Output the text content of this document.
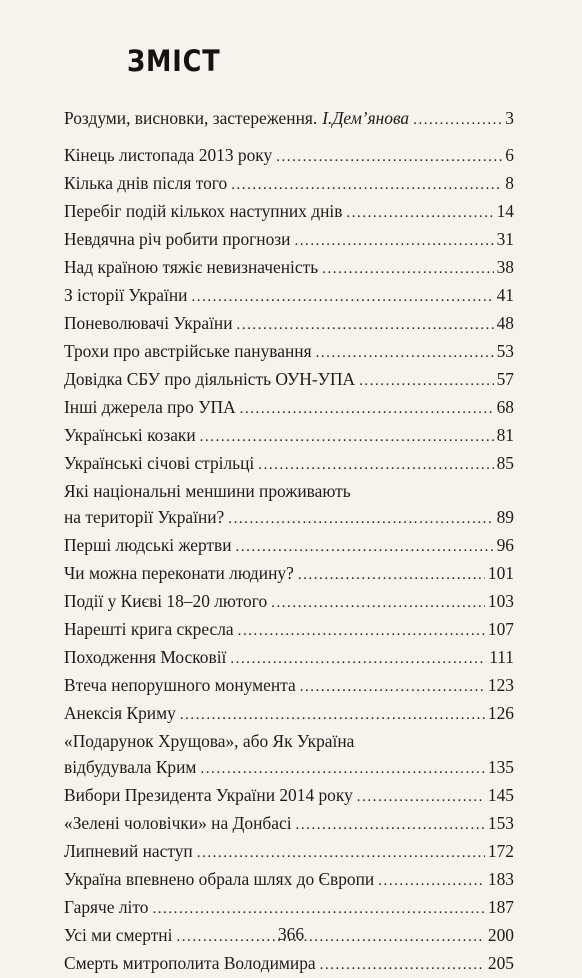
ЗМІСТ
Роздуми, висновки, застереження. І.Дем’янова . . .	3
Кінець листопада 2013 року . . .	6
Кілька днів після того . . .	8
Перебіг подій кількох наступних днів . . .	14
Невдячна річ робити прогнози . . .	31
Над країною тяжіє невизначеність . . .	38
З історії України . . .	41
Поневолювачі України . . .	48
Трохи про австрійське панування . . .	53
Довідка СБУ про діяльність ОУН-УПА . . .	57
Інші джерела про УПА . . .	68
Українські козаки . . .	81
Українські січові стрільці . . .	85
Які національні меншини проживають
на території України? . . .	89
Перші людські жертви . . .	96
Чи можна переконати людину? . . .	101
Події у Києві 18–20 лютого . . .	103
Нарешті крига скресла . . .	107
Походження Московії . . .	111
Втеча непорушного монумента . . .	123
Анексія Криму . . .	126
«Подарунок Хрущова», або Як Україна
відбудувала Крим . . .	135
Вибори Президента України 2014 року . . .	145
«Зелені чоловічки» на Донбасі . . .	153
Липневий наступ . . .	172
Україна впевнено обрала шлях до Європи . . .	183
Гаряче літо . . .	187
Усі ми смертні . . .	200
Смерть митрополита Володимира . . .	205
366
